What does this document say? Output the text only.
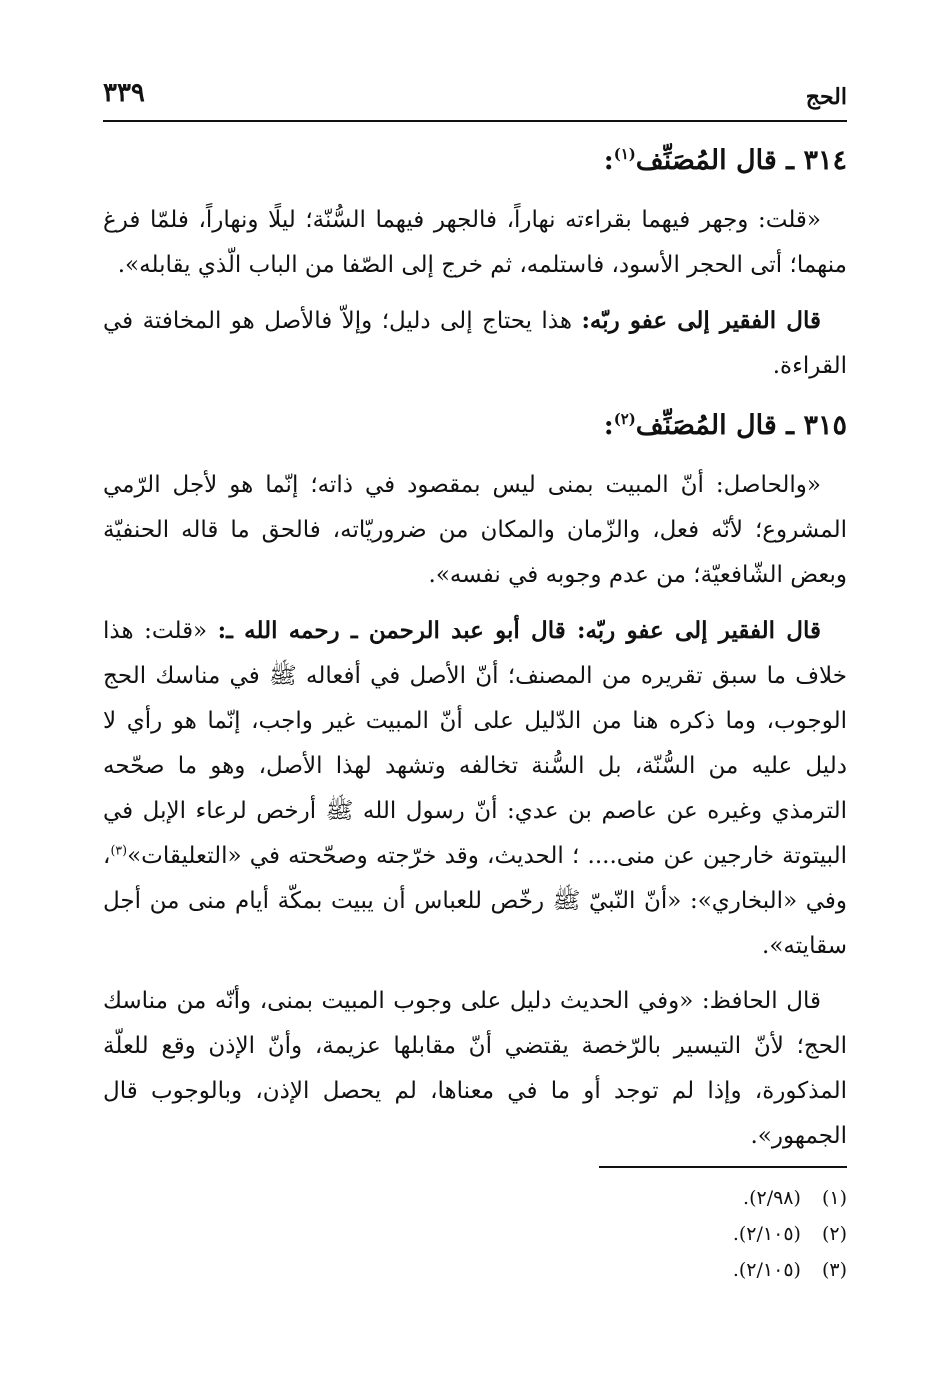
الحج
٣٣٩
٣١٤ ـ قال المُصَنِّف$^{(١)}$:

«قلت: وجهر فيهما بقراءته نهاراً، فالجهر فيهما السُّنّة؛ ليلًا ونهاراً، فلمّا فرغ منهما؛ أتى الحجر الأسود، فاستلمه، ثم خرج إلى الصّفا من الباب الّذي يقابله».

قال الفقير إلى عفو ربّه: هذا يحتاج إلى دليل؛ وإلاّ فالأصل هو المخافتة في القراءة.

٣١٥ ـ قال المُصَنِّف$^{(٢)}$:

«والحاصل: أنّ المبيت بمنى ليس بمقصود في ذاته؛ إنّما هو لأجل الرّمي المشروع؛ لأنّه فعل، والزّمان والمكان من ضروريّاته، فالحق ما قاله الحنفيّة وبعض الشّافعيّة؛ من عدم وجوبه في نفسه».

قال الفقير إلى عفو ربّه: قال أبو عبد الرحمن ـ رحمه الله ـ: «قلت: هذا خلاف ما سبق تقريره من المصنف؛ أنّ الأصل في أفعاله ﷺ في مناسك الحج الوجوب، وما ذكره هنا من الدّليل على أنّ المبيت غير واجب، إنّما هو رأي لا دليل عليه من السُّنّة، بل السُّنة تخالفه وتشهد لهذا الأصل، وهو ما صحّحه الترمذي وغيره عن عاصم بن عدي: أنّ رسول الله ﷺ أرخص لرعاء الإبل في البيتوتة خارجين عن منى.... ؛ الحديث، وقد خرّجته وصحّحته في «التعليقات»$^{(٣)}$، وفي «البخاري»: «أنّ النّبيّ ﷺ رخّص للعباس أن يبيت بمكّة أيام منى من أجل سقايته».

قال الحافظ: «وفي الحديث دليل على وجوب المبيت بمنى، وأنّه من مناسك الحج؛ لأنّ التيسير بالرّخصة يقتضي أنّ مقابلها عزيمة، وأنّ الإذن وقع للعلّة المذكورة، وإذا لم توجد أو ما في معناها، لم يحصل الإذن، وبالوجوب قال الجمهور».

(١) (٢/٩٨).
(٢) (٢/١٠٥).
(٣) (٢/١٠٥).
